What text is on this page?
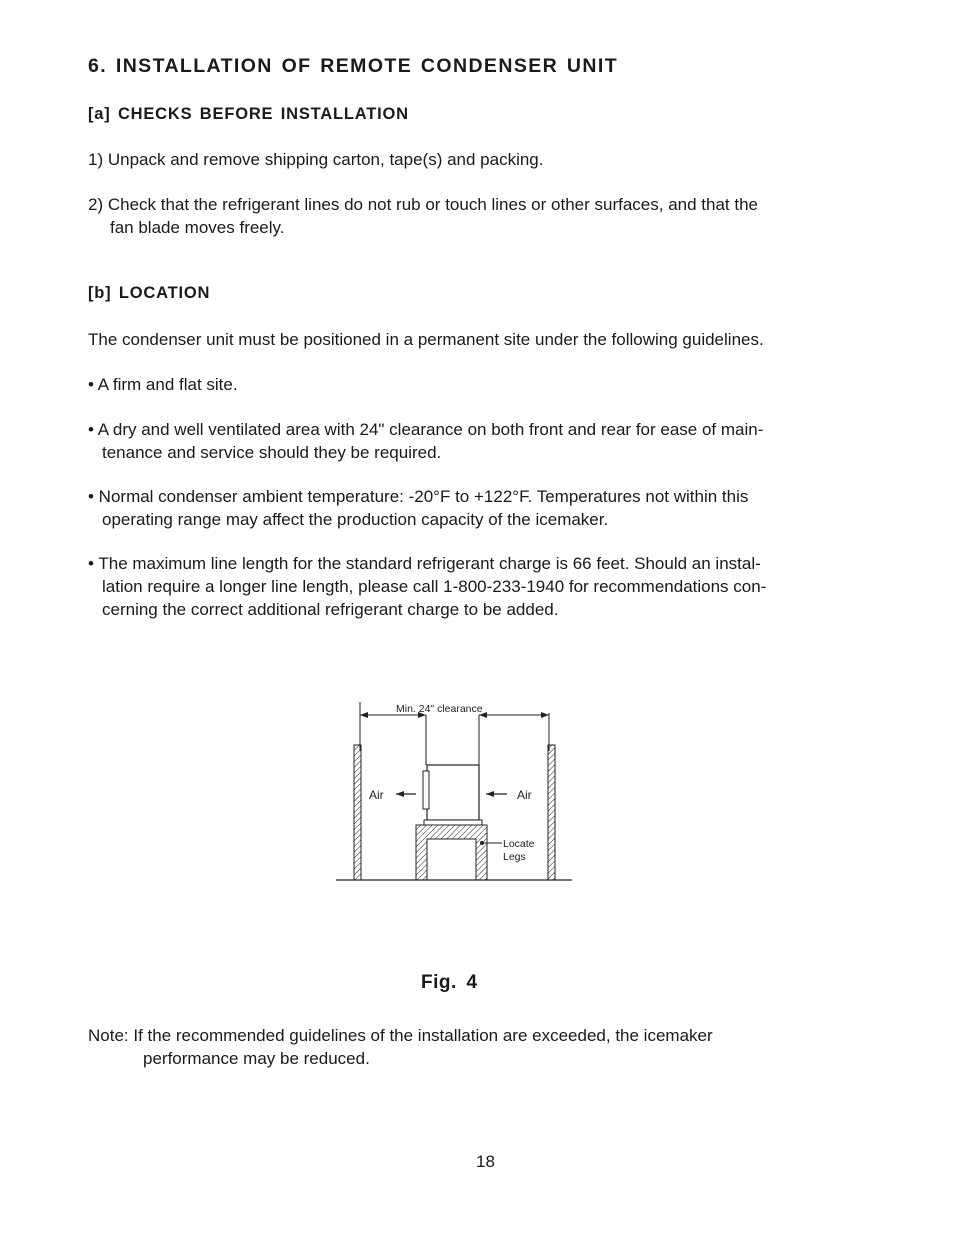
6. INSTALLATION OF REMOTE CONDENSER UNIT
[a] CHECKS BEFORE INSTALLATION
1) Unpack and remove shipping carton, tape(s) and packing.
2) Check that the refrigerant lines do not rub or touch lines or other surfaces, and that the
fan blade moves freely.
[b] LOCATION
The condenser unit must be positioned in a permanent site under the following guidelines.
• A firm and flat site.
• A dry and well ventilated area with 24" clearance on both front and rear for ease of main-
tenance and service should they be required.
• Normal condenser ambient temperature: -20°F to +122°F. Temperatures not within this
operating range may affect the production capacity of the icemaker.
• The maximum line length for the standard refrigerant charge is 66 feet. Should an instal-
lation require a longer line length, please call 1-800-233-1940 for recommendations con-
cerning the correct additional refrigerant charge to be added.
Min. 24" clearance
Air	Air
Locate
Legs
Fig. 4
Note: If the recommended guidelines of the installation are exceeded, the icemaker
performance may be reduced.
18
